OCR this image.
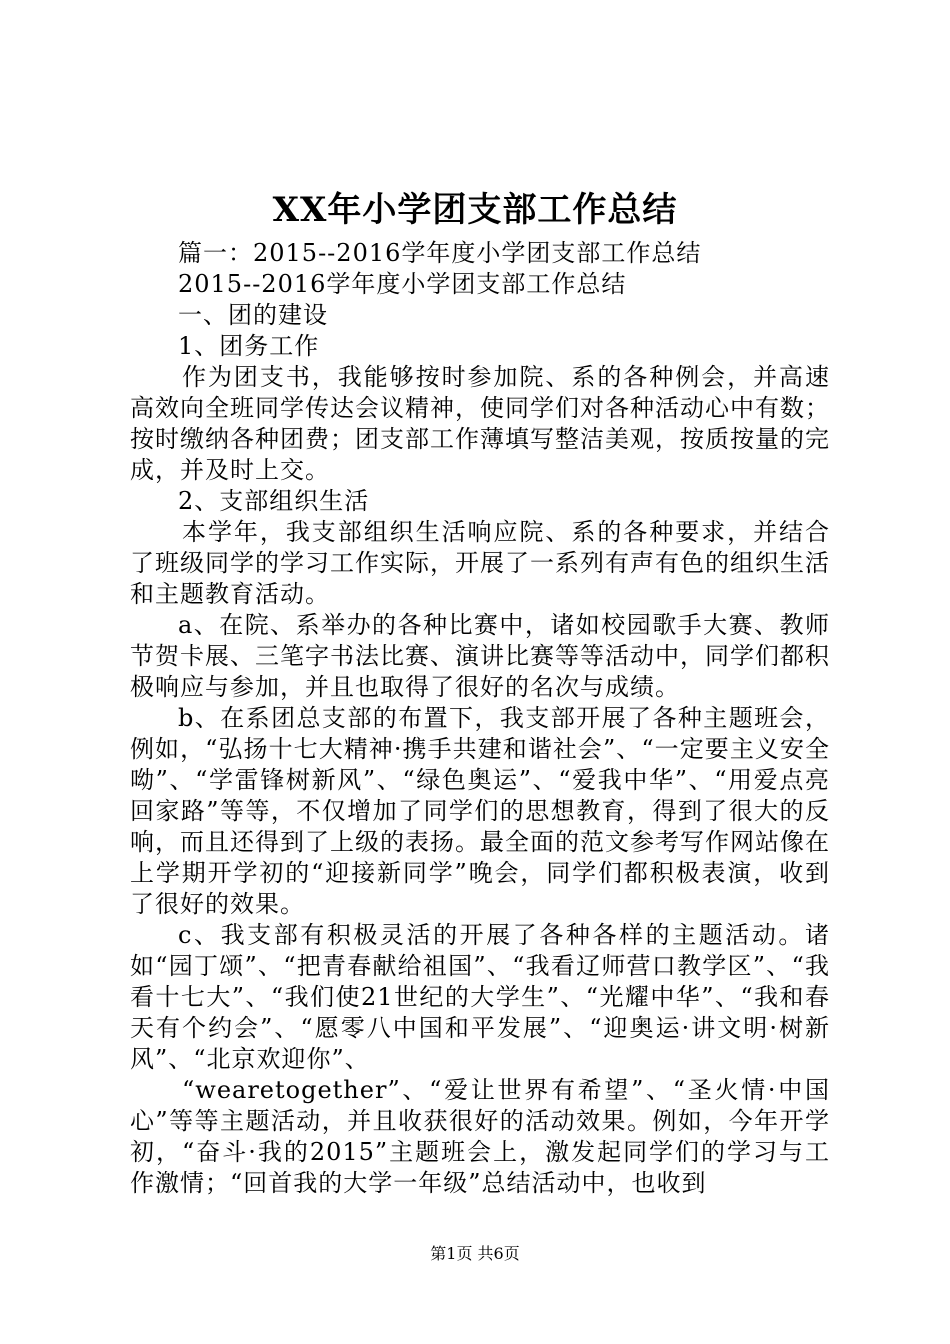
XX年小学团支部工作总结

篇一：2015--2016学年度小学团支部工作总结

2015--2016学年度小学团支部工作总结

一、团的建设

1、团务工作

作为团支书，我能够按时参加院、系的各种例会，并高速高效向全班同学传达会议精神，使同学们对各种活动心中有数；按时缴纳各种团费；团支部工作薄填写整洁美观，按质按量的完成，并及时上交。

2、支部组织生活

本学年，我支部组织生活响应院、系的各种要求，并结合了班级同学的学习工作实际，开展了一系列有声有色的组织生活和主题教育活动。

a、在院、系举办的各种比赛中，诸如校园歌手大赛、教师节贺卡展、三笔字书法比赛、演讲比赛等等活动中，同学们都积极响应与参加，并且也取得了很好的名次与成绩。

b、在系团总支部的布置下，我支部开展了各种主题班会，例如，“弘扬十七大精神·携手共建和谐社会”、“一定要主义安全呦”、“学雷锋树新风”、“绿色奥运”、“爱我中华”、“用爱点亮回家路”等等，不仅增加了同学们的思想教育，得到了很大的反响，而且还得到了上级的表扬。最全面的范文参考写作网站像在上学期开学初的“迎接新同学”晚会，同学们都积极表演，收到了很好的效果。

c、我支部有积极灵活的开展了各种各样的主题活动。诸如“园丁颂”、“把青春献给祖国”、“我看辽师营口教学区”、“我看十七大”、“我们使21世纪的大学生”、“光耀中华”、“我和春天有个约会”、“愿零八中国和平发展”、“迎奥运·讲文明·树新风”、“北京欢迎你”、

“wearetogether”、“爱让世界有希望”、“圣火情·中国心”等等主题活动，并且收获很好的活动效果。例如，今年开学初，“奋斗·我的2015”主题班会上，激发起同学们的学习与工作激情；“回首我的大学一年级”总结活动中，也收到

第1页 共6页
